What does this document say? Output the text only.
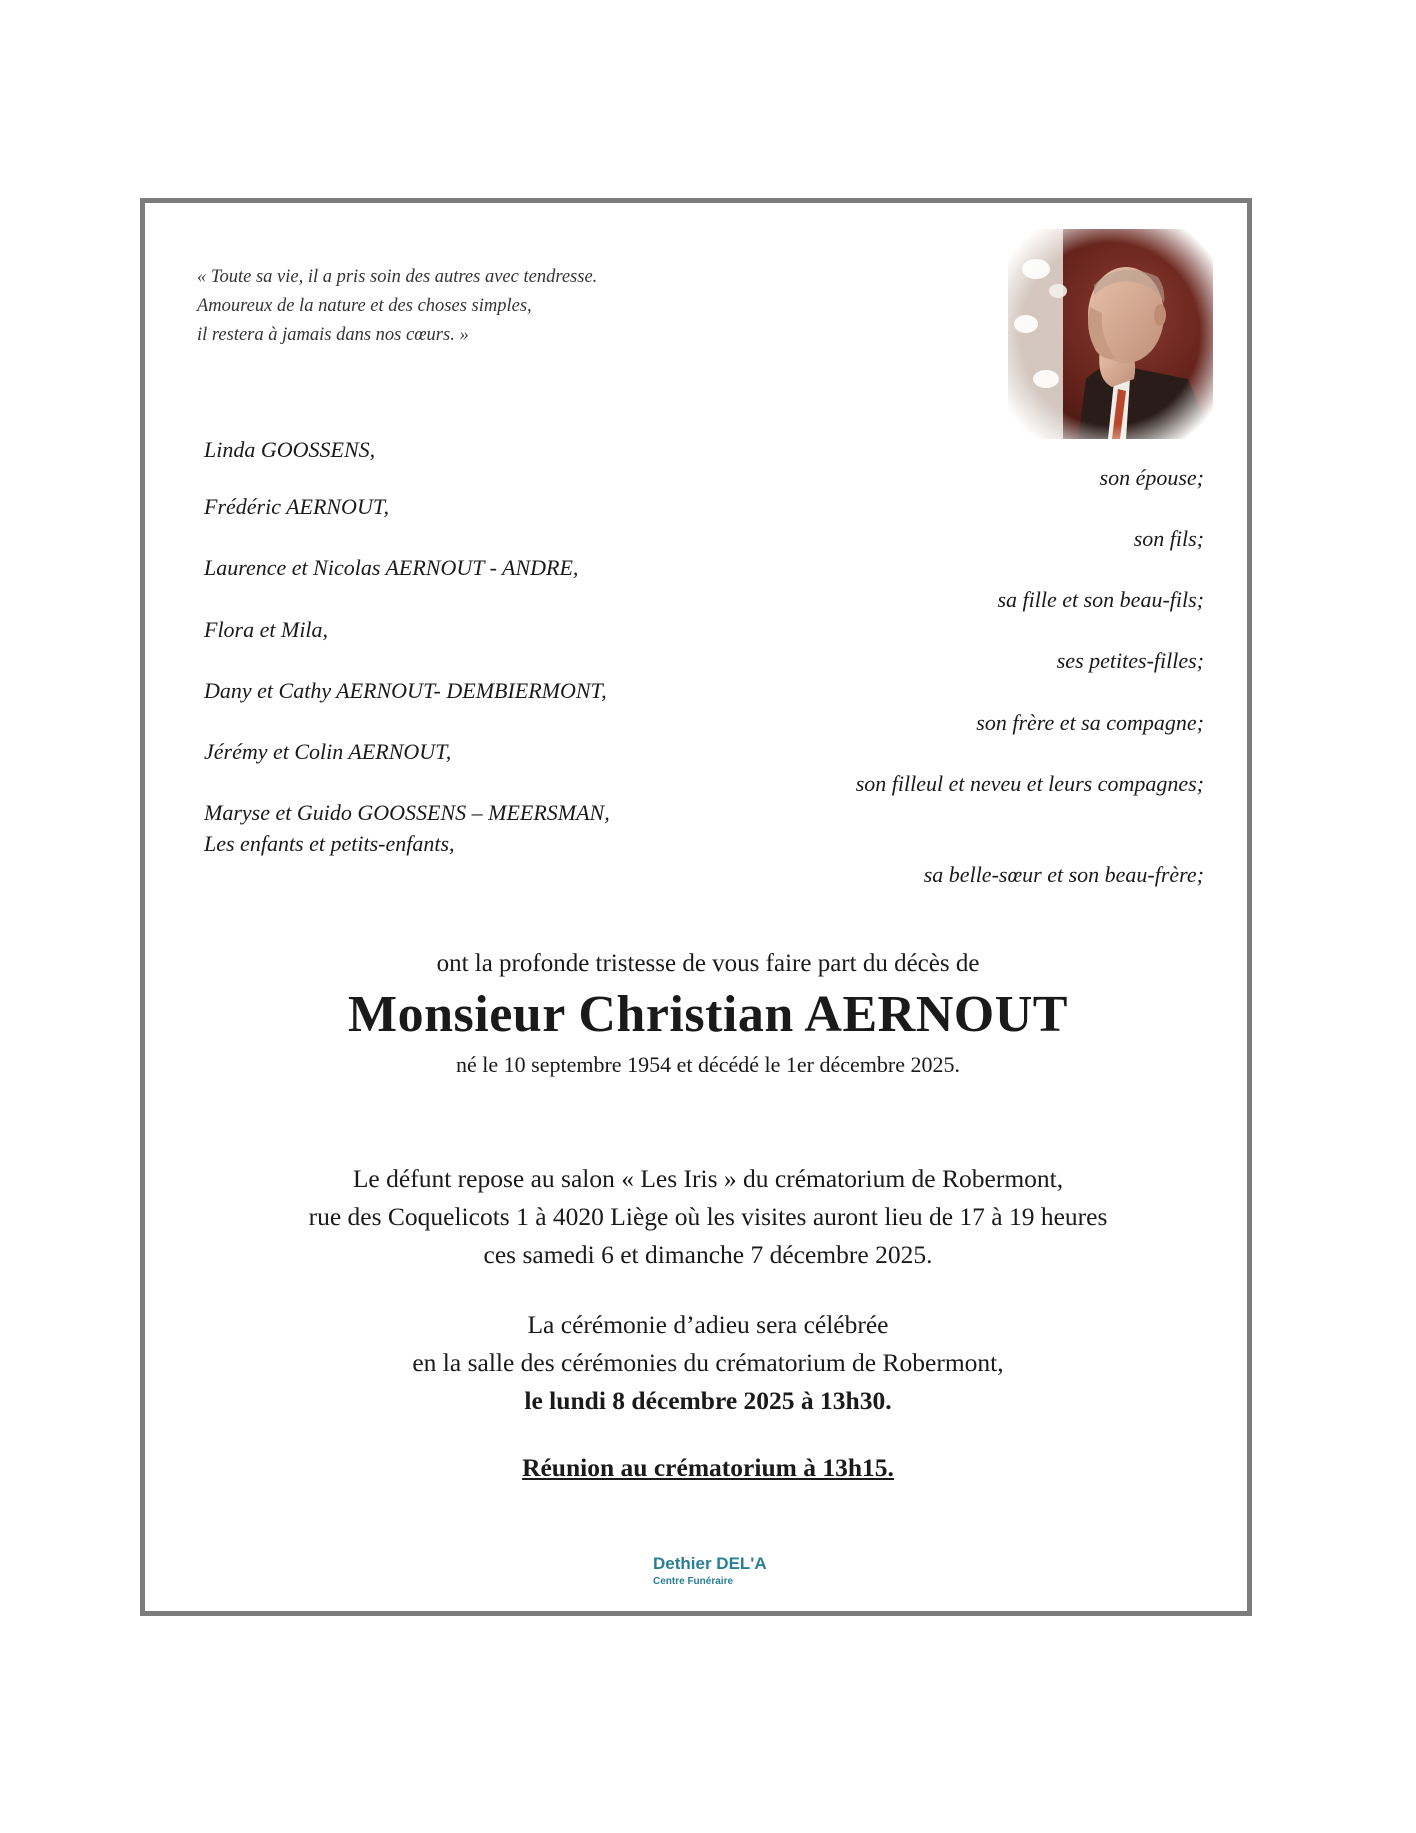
« Toute sa vie, il a pris soin des autres avec tendresse.
Amoureux de la nature et des choses simples,
il restera à jamais dans nos cœurs. »
Linda GOOSSENS,
son épouse;
Frédéric AERNOUT,
son fils;
Laurence et Nicolas AERNOUT - ANDRE,
sa fille et son beau-fils;
Flora et Mila,
ses petites-filles;
Dany et Cathy AERNOUT- DEMBIERMONT,
son frère et sa compagne;
Jérémy et Colin AERNOUT,
son filleul et neveu et leurs compagnes;
Maryse et Guido GOOSSENS – MEERSMAN,
Les enfants et petits-enfants,
sa belle-sœur et son beau-frère;
ont la profonde tristesse de vous faire part du décès de
Monsieur Christian AERNOUT
né le 10 septembre 1954 et décédé le 1er décembre 2025.
Le défunt repose au salon « Les Iris » du crématorium de Robermont,
rue des Coquelicots 1 à 4020 Liège où les visites auront lieu de 17 à 19 heures
ces samedi 6 et dimanche 7 décembre 2025.
La cérémonie d’adieu sera célébrée
en la salle des cérémonies du crématorium de Robermont,
le lundi 8 décembre 2025 à 13h30.
Réunion au crématorium à 13h15.
Dethier DEL'A
Centre Funéraire
